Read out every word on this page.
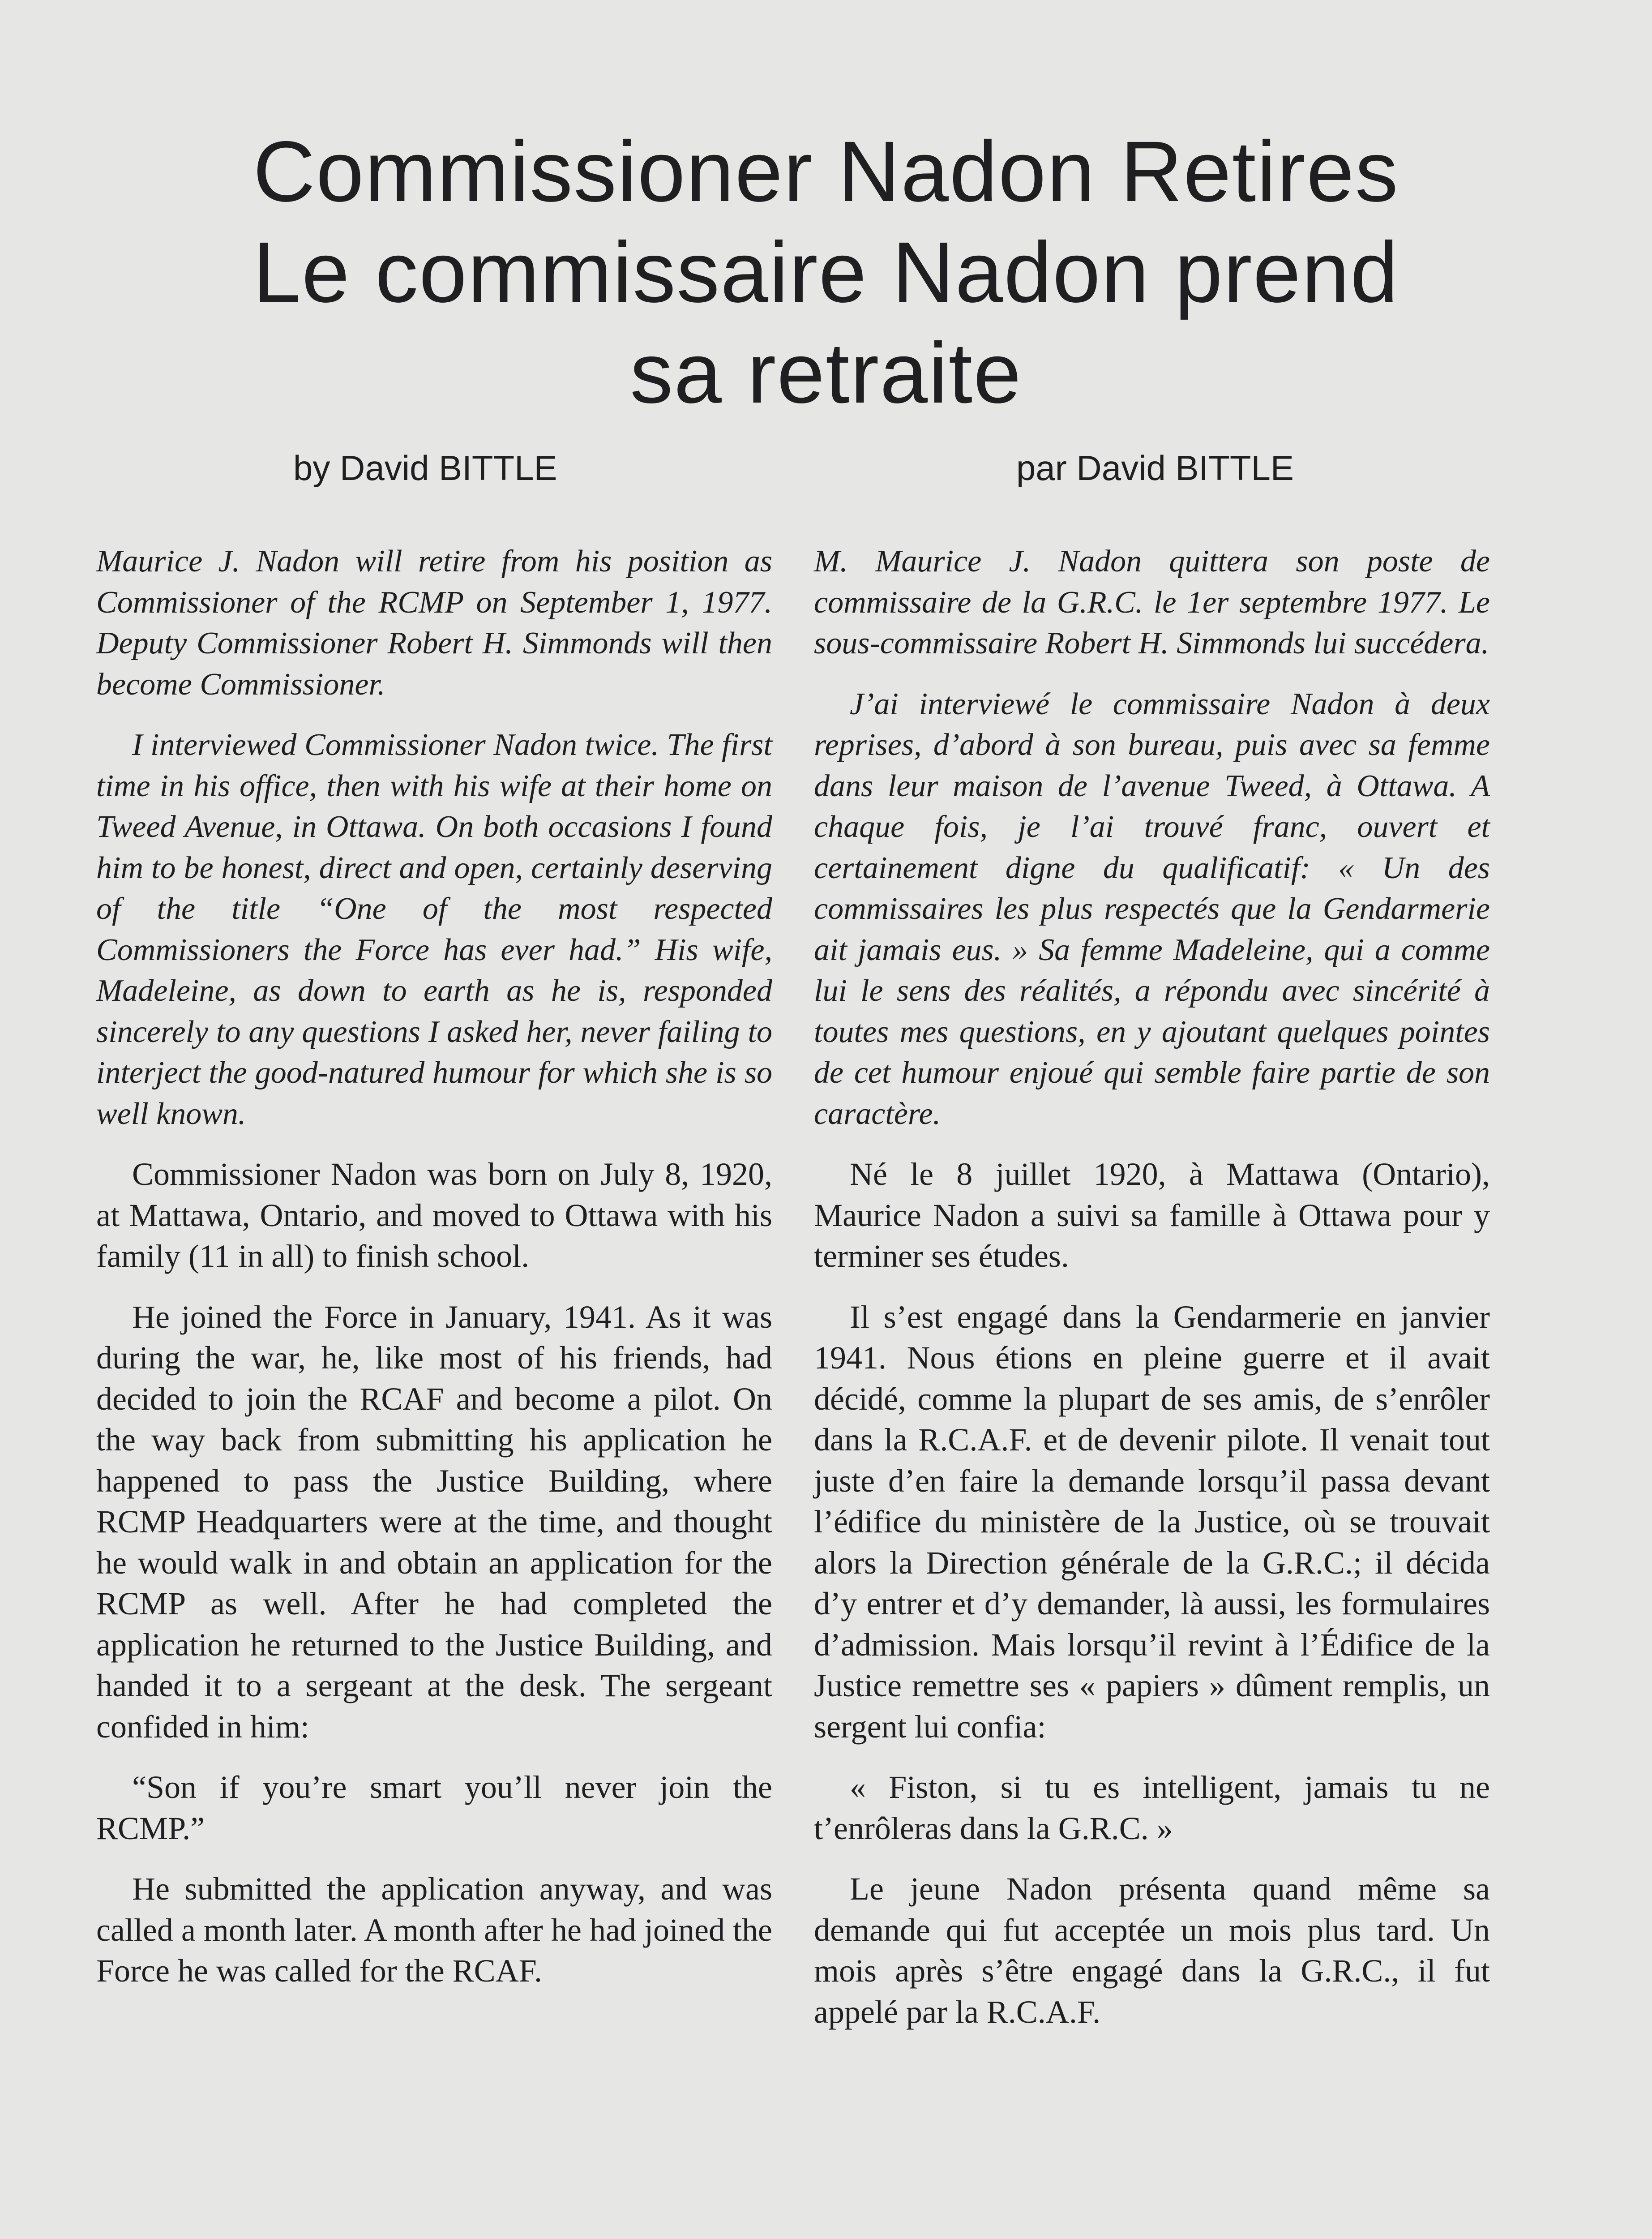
Commissioner Nadon Retires
Le commissaire Nadon prend
sa retraite
by David BITTLE	par David BITTLE

Maurice J. Nadon will retire from his position as Commissioner of the RCMP on September 1, 1977. Deputy Commissioner Robert H. Simmonds will then become Commissioner.

I interviewed Commissioner Nadon twice. The first time in his office, then with his wife at their home on Tweed Avenue, in Ottawa. On both occasions I found him to be honest, direct and open, certainly deserving of the title “One of the most respected Commissioners the Force has ever had.” His wife, Madeleine, as down to earth as he is, responded sincerely to any questions I asked her, never failing to interject the good-natured humour for which she is so well known.

Commissioner Nadon was born on July 8, 1920, at Mattawa, Ontario, and moved to Ottawa with his family (11 in all) to finish school.

He joined the Force in January, 1941. As it was during the war, he, like most of his friends, had decided to join the RCAF and become a pilot. On the way back from submitting his application he happened to pass the Justice Building, where RCMP Headquarters were at the time, and thought he would walk in and obtain an application for the RCMP as well. After he had completed the application he returned to the Justice Building, and handed it to a sergeant at the desk. The sergeant confided in him:

“Son if you’re smart you’ll never join the RCMP.”

He submitted the application anyway, and was called a month later. A month after he had joined the Force he was called for the RCAF.

M. Maurice J. Nadon quittera son poste de commissaire de la G.R.C. le 1er septembre 1977. Le sous-commissaire Robert H. Simmonds lui succédera.

J’ai interviewé le commissaire Nadon à deux reprises, d’abord à son bureau, puis avec sa femme dans leur maison de l’avenue Tweed, à Ottawa. A chaque fois, je l’ai trouvé franc, ouvert et certainement digne du qualificatif: « Un des commissaires les plus respectés que la Gendarmerie ait jamais eus. » Sa femme Madeleine, qui a comme lui le sens des réalités, a répondu avec sincérité à toutes mes questions, en y ajoutant quelques pointes de cet humour enjoué qui semble faire partie de son caractère.

Né le 8 juillet 1920, à Mattawa (Ontario), Maurice Nadon a suivi sa famille à Ottawa pour y terminer ses études.

Il s’est engagé dans la Gendarmerie en janvier 1941. Nous étions en pleine guerre et il avait décidé, comme la plupart de ses amis, de s’enrôler dans la R.C.A.F. et de devenir pilote. Il venait tout juste d’en faire la demande lorsqu’il passa devant l’édifice du ministère de la Justice, où se trouvait alors la Direction générale de la G.R.C.; il décida d’y entrer et d’y demander, là aussi, les formulaires d’admission. Mais lorsqu’il revint à l’Édifice de la Justice remettre ses « papiers » dûment remplis, un sergent lui confia:

« Fiston, si tu es intelligent, jamais tu ne t’enrôleras dans la G.R.C. »

Le jeune Nadon présenta quand même sa demande qui fut acceptée un mois plus tard. Un mois après s’être engagé dans la G.R.C., il fut appelé par la R.C.A.F.
